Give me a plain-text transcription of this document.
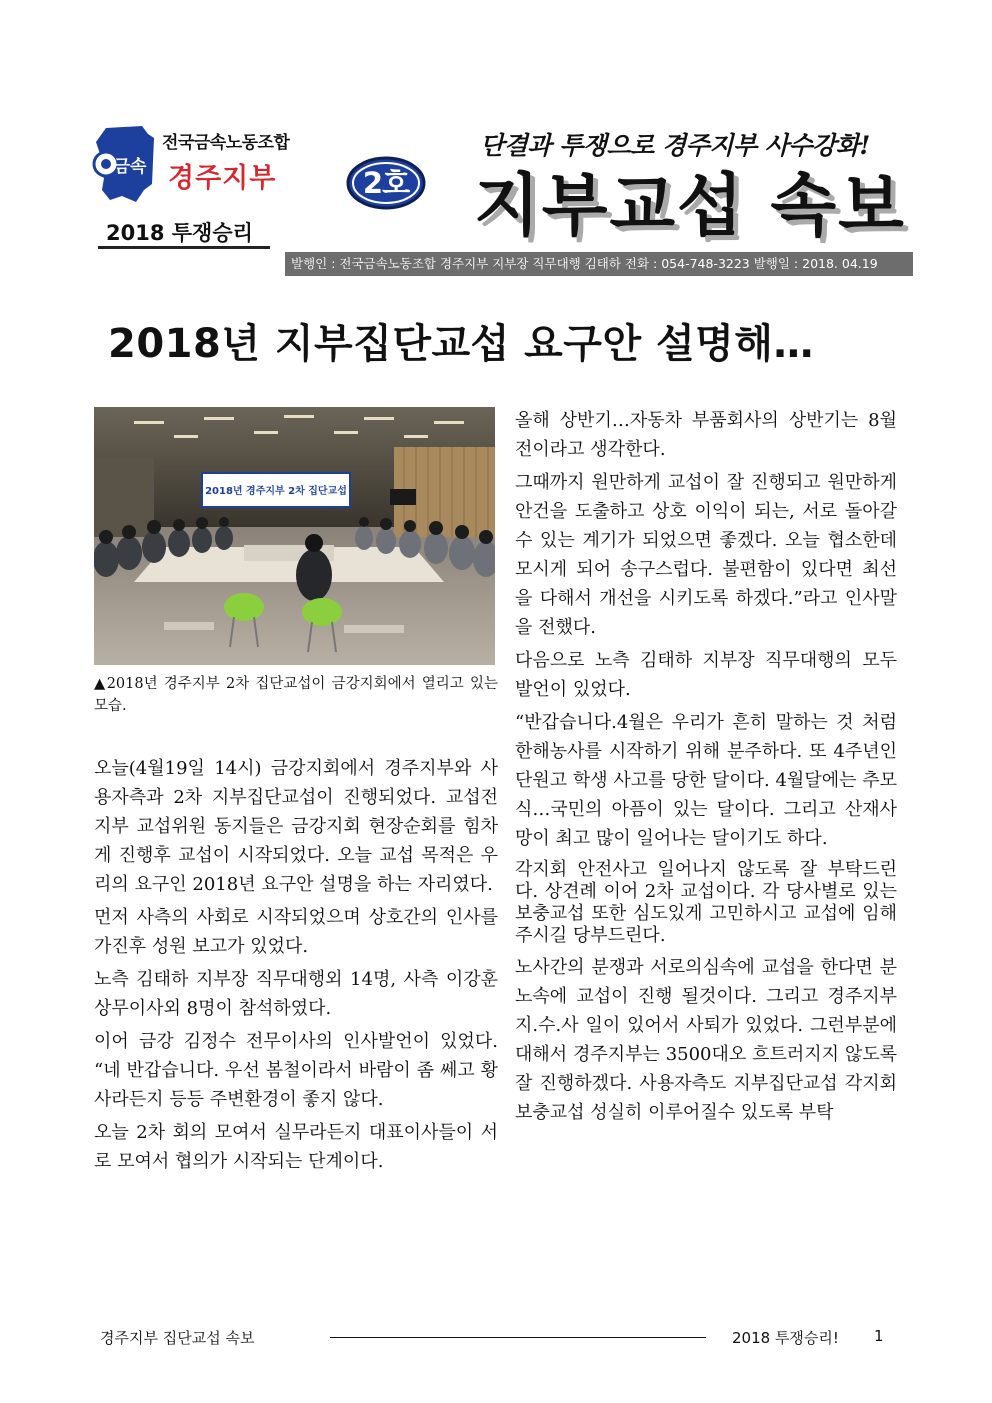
금속
전국금속노동조합
경주지부
2018 투쟁승리
2호
단결과 투쟁으로 경주지부 사수강화!
지부교섭 속보
발행인 : 전국금속노동조합 경주지부 지부장 직무대행 김태하 전화 : 054-748-3223 발행일 : 2018. 04.19
2018년 지부집단교섭 요구안 설명해…
2018년 경주지부 2차 집단교섭
▲2018년 경주지부 2차 집단교섭이 금강지회에서 열리고 있는모습.

오늘(4월19일 14시) 금강지회에서 경주지부와 사용자측과 2차 지부집단교섭이 진행되었다. 교섭전 지부 교섭위원 동지들은 금강지회 현장순회를 힘차게 진행후 교섭이 시작되었다. 오늘 교섭 목적은 우리의 요구인 2018년 요구안 설명을 하는 자리였다.

먼저 사측의 사회로 시작되었으며 상호간의 인사를 가진후 성원 보고가 있었다.

노측 김태하 지부장 직무대행외 14명, 사측 이강훈 상무이사외 8명이 참석하였다.

이어 금강 김정수 전무이사의 인사발언이 있었다. “네 반갑습니다. 우선 봄철이라서 바람이 좀 쎄고 황사라든지 등등 주변환경이 좋지 않다.

오늘 2차 회의 모여서 실무라든지 대표이사들이 서로 모여서 협의가 시작되는 단계이다.

올해 상반기…자동차 부품회사의 상반기는 8월 전이라고 생각한다.

그때까지 원만하게 교섭이 잘 진행되고 원만하게 안건을 도출하고 상호 이익이 되는, 서로 돌아갈수 있는 계기가 되었으면 좋겠다. 오늘 협소한데 모시게 되어 송구스럽다. 불편함이 있다면 최선을 다해서 개선을 시키도록 하겠다.”라고 인사말을 전했다.

다음으로 노측 김태하 지부장 직무대행의 모두 발언이 있었다.

“반갑습니다.4월은 우리가 흔히 말하는 것 처럼 한해농사를 시작하기 위해 분주하다. 또 4주년인 단원고 학생 사고를 당한 달이다. 4월달에는 추모식…국민의 아픔이 있는 달이다. 그리고 산재사망이 최고 많이 일어나는 달이기도 하다.

각지회 안전사고 일어나지 않도록 잘 부탁드린다. 상견례 이어 2차 교섭이다. 각 당사별로 있는 보충교섭 또한 심도있게 고민하시고 교섭에 임해주시길 당부드린다.

노사간의 분쟁과 서로의심속에 교섭을 한다면 분노속에 교섭이 진행 될것이다. 그리고 경주지부 지.수.사 일이 있어서 사퇴가 있었다. 그런부분에 대해서 경주지부는 3500대오 흐트러지지 않도록 잘 진행하겠다. 사용자측도 지부집단교섭 각지회 보충교섭 성실히 이루어질수 있도록 부탁

경주지부 집단교섭 속보	2018 투쟁승리! 1
